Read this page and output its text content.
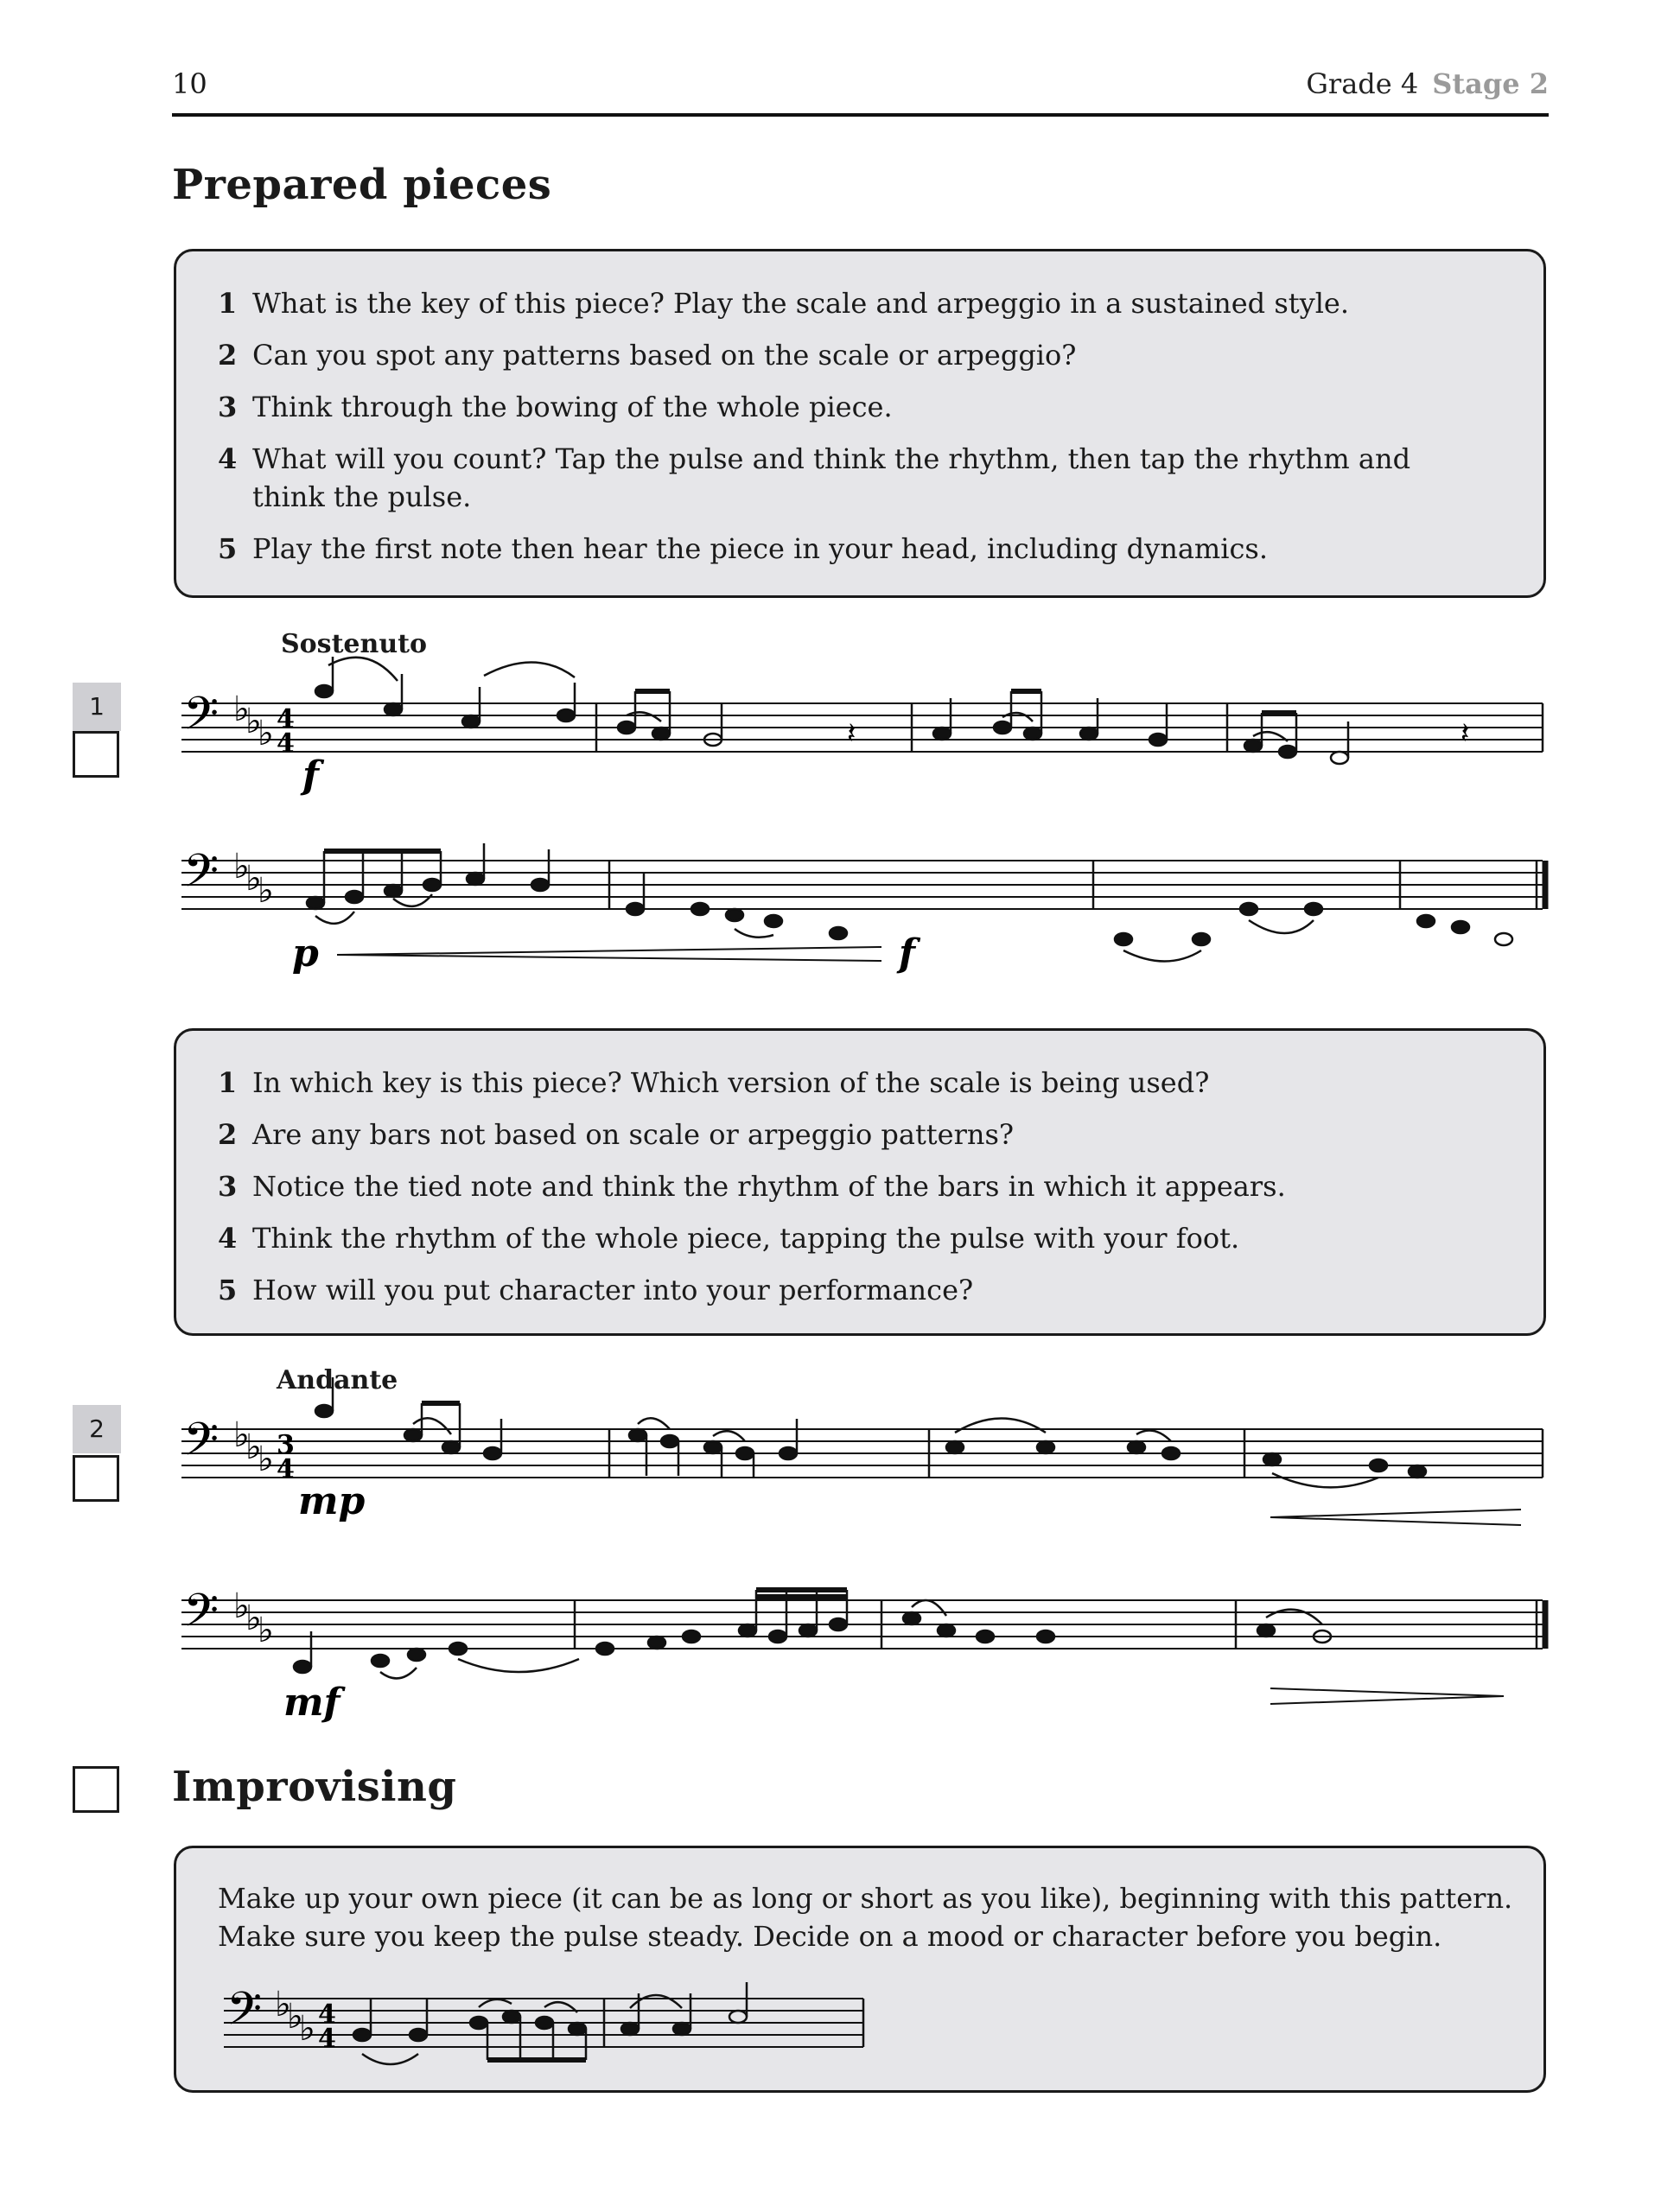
10	Grade 4 Stage 2
Prepared pieces
1 What is the key of this piece? Play the scale and arpeggio in a sustained style.
2 Can you spot any patterns based on the scale or arpeggio?
3 Think through the bowing of the whole piece.
4 What will you count? Tap the pulse and think the rhythm, then tap the rhythm and think the pulse.
5 Play the first note then hear the piece in your head, including dynamics.
Sostenuto
1 𝄢 ♭
♭
♭ 4
4	𝄽	𝄽
f
𝄢 ♭
♭
♭
p	f
1 In which key is this piece? Which version of the scale is being used?
2 Are any bars not based on scale or arpeggio patterns?
3 Notice the tied note and think the rhythm of the bars in which it appears.
4 Think the rhythm of the whole piece, tapping the pulse with your foot.
5 How will you put character into your performance?
Andante
2 𝄢 ♭
♭
♭ 3
4
mp
𝄢 ♭
♭
♭
mf
Improvising
Make up your own piece (it can be as long or short as you like), beginning with this pattern. Make sure you keep the pulse steady. Decide on a mood or character before you begin.
𝄢 ♭
♭
♭ 4
4
